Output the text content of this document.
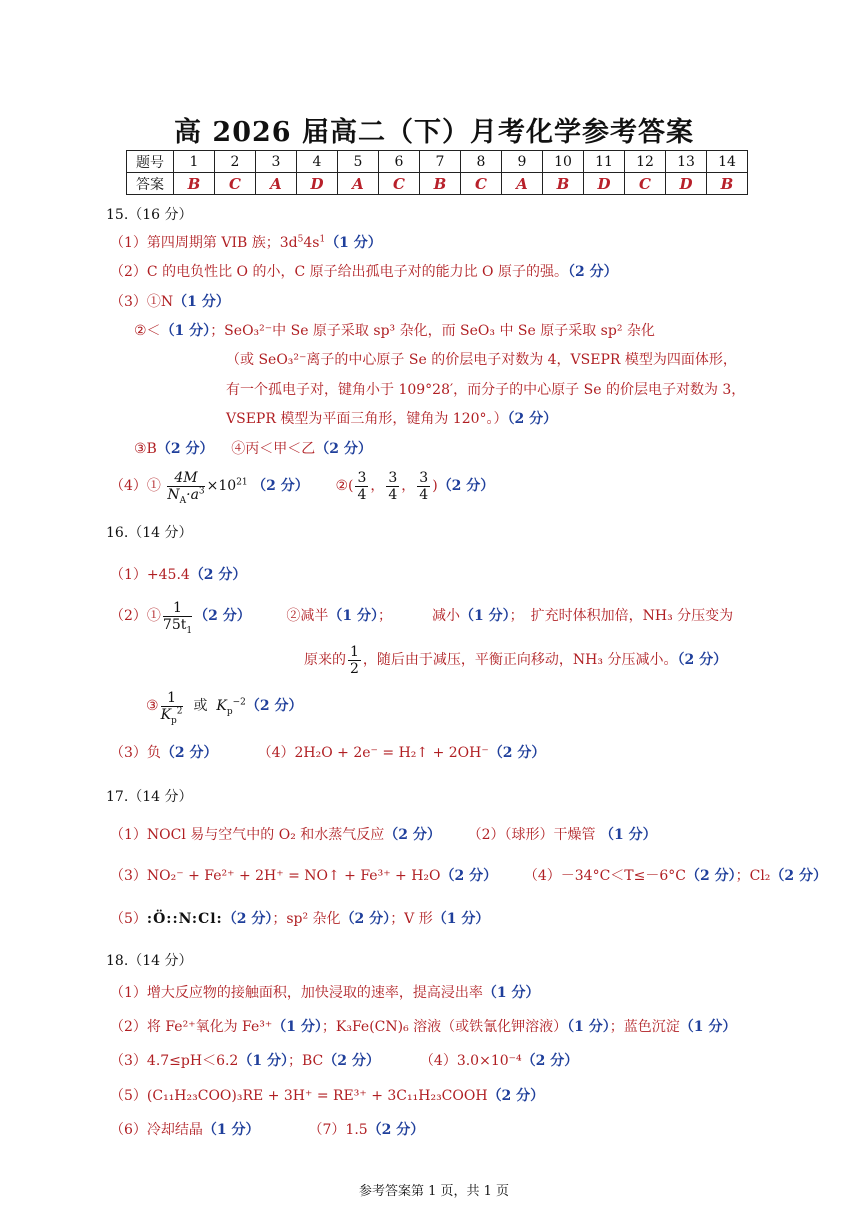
高 2026 届高二（下）月考化学参考答案
题号	1	2	3	4	5	6	7	8	9	10	11	12	13	14
答案	B	C	A	D	A	C	B	C	A	B	D	C	D	B
15.（16 分）
（1）第四周期第 VIB 族；$3d^54s^1(1$ 分）
（2）C 的电负性比 O 的小，C 原子给出孤电子对的能力比 O 原子的强。（2 分）
（3）①N（1 分）
②＜（1 分）；SeO₃²⁻中 Se 原子采取 sp³ 杂化，而 SeO₃ 中 Se 原子采取 sp² 杂化
（或 SeO₃²⁻离子的中心原子 Se 的价层电子对数为 4，VSEPR 模型为四面体形，
有一个孤电子对，键角小于 109°28′，而分子的中心原子 Se 的价层电子对数为 3，
VSEPR 模型为平面三角形，键角为 120°。）（2 分）
③B（2 分） ④丙＜甲＜乙（2 分）
（4）① $\frac{4M}{N_A\cdot a^3} \times 10^{21}$ （2 分） ②( $\frac{3}{4}$ ， $\frac{3}{4}$ ， $\frac{3}{4} )(2$ 分）
16.（14 分）
（1）+45.4（2 分）
（2）① $\frac{1}{75t_1} (2$ 分）	②减半（1 分）；	减小（1 分）；　扩充时体积加倍，NH₃ 分压变为
原来的 $\frac{1}{2}$ ，随后由于减压，平衡正向移动，NH₃ 分压减小。（2 分）
③ $\frac{1}{K_p^2}$ 或 $K_p^{-2}(2$ 分）
（3）负（2 分）	（4）2H₂O + 2e⁻ = H₂↑ + 2OH⁻（2 分）
17.（14 分）
（1）NOCl 易与空气中的 O₂ 和水蒸气反应（2 分） （2）（球形）干燥管 （1 分）
（3）NO₂⁻ + Fe²⁺ + 2H⁺ = NO↑ + Fe³⁺ + H₂O（2 分） （4）－34°C＜T≤－6°C（2 分）；Cl₂（2 分）
（5）:Ö::N:Cl:（2 分）；sp² 杂化（2 分）；V 形（1 分）
18.（14 分）
（1）增大反应物的接触面积，加快浸取的速率，提高浸出率（1 分）
（2）将 Fe²⁺氧化为 Fe³⁺（1 分）；K₃Fe(CN)₆ 溶液（或铁氰化钾溶液）（1 分）；蓝色沉淀（1 分）
（3）4.7≤pH＜6.2（1 分）；BC（2 分）	（4）3.0×10⁻⁴（2 分）
（5）(C₁₁H₂₃COO)₃RE + 3H⁺ = RE³⁺ + 3C₁₁H₂₃COOH（2 分）
（6）冷却结晶（1 分）	（7）1.5（2 分）
参考答案第 1 页，共 1 页
